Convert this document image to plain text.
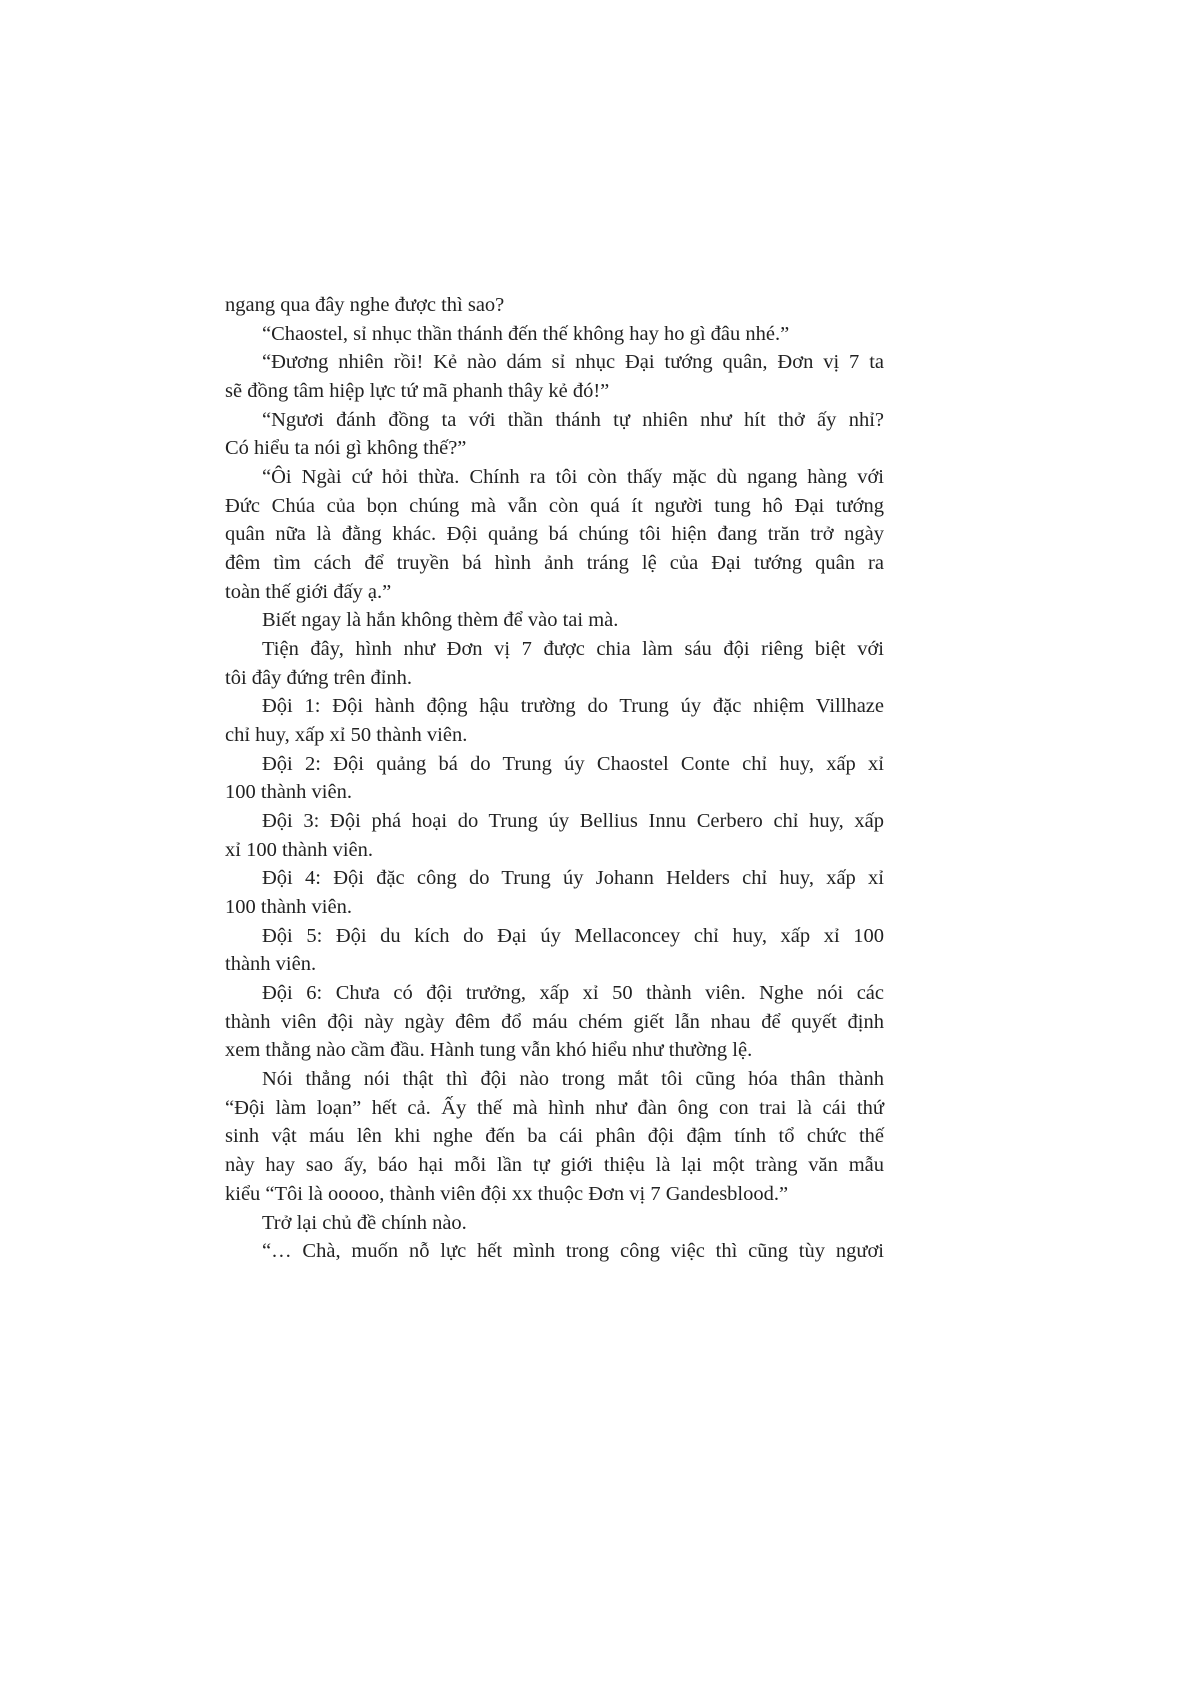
ngang qua đây nghe được thì sao?
“Chaostel, sỉ nhục thần thánh đến thế không hay ho gì đâu nhé.”
“Đương nhiên rồi! Kẻ nào dám sỉ nhục Đại tướng quân, Đơn vị 7 ta
sẽ đồng tâm hiệp lực tứ mã phanh thây kẻ đó!”
“Ngươi đánh đồng ta với thần thánh tự nhiên như hít thở ấy nhỉ?
Có hiểu ta nói gì không thế?”
“Ôi Ngài cứ hỏi thừa. Chính ra tôi còn thấy mặc dù ngang hàng với
Đức Chúa của bọn chúng mà vẫn còn quá ít người tung hô Đại tướng
quân nữa là đằng khác. Đội quảng bá chúng tôi hiện đang trăn trở ngày
đêm tìm cách để truyền bá hình ảnh tráng lệ của Đại tướng quân ra
toàn thế giới đấy ạ.”
Biết ngay là hắn không thèm để vào tai mà.
Tiện đây, hình như Đơn vị 7 được chia làm sáu đội riêng biệt với
tôi đây đứng trên đỉnh.
Đội 1: Đội hành động hậu trường do Trung úy đặc nhiệm Villhaze
chỉ huy, xấp xỉ 50 thành viên.
Đội 2: Đội quảng bá do Trung úy Chaostel Conte chỉ huy, xấp xỉ
100 thành viên.
Đội 3: Đội phá hoại do Trung úy Bellius Innu Cerbero chỉ huy, xấp
xỉ 100 thành viên.
Đội 4: Đội đặc công do Trung úy Johann Helders chỉ huy, xấp xỉ
100 thành viên.
Đội 5: Đội du kích do Đại úy Mellaconcey chỉ huy, xấp xỉ 100
thành viên.
Đội 6: Chưa có đội trưởng, xấp xỉ 50 thành viên. Nghe nói các
thành viên đội này ngày đêm đổ máu chém giết lẫn nhau để quyết định
xem thằng nào cầm đầu. Hành tung vẫn khó hiểu như thường lệ.
Nói thẳng nói thật thì đội nào trong mắt tôi cũng hóa thân thành
“Đội làm loạn” hết cả. Ấy thế mà hình như đàn ông con trai là cái thứ
sinh vật máu lên khi nghe đến ba cái phân đội đậm tính tổ chức thế
này hay sao ấy, báo hại mỗi lần tự giới thiệu là lại một tràng văn mẫu
kiểu “Tôi là ooooo, thành viên đội xx thuộc Đơn vị 7 Gandesblood.”
Trở lại chủ đề chính nào.
“… Chà, muốn nỗ lực hết mình trong công việc thì cũng tùy ngươi
